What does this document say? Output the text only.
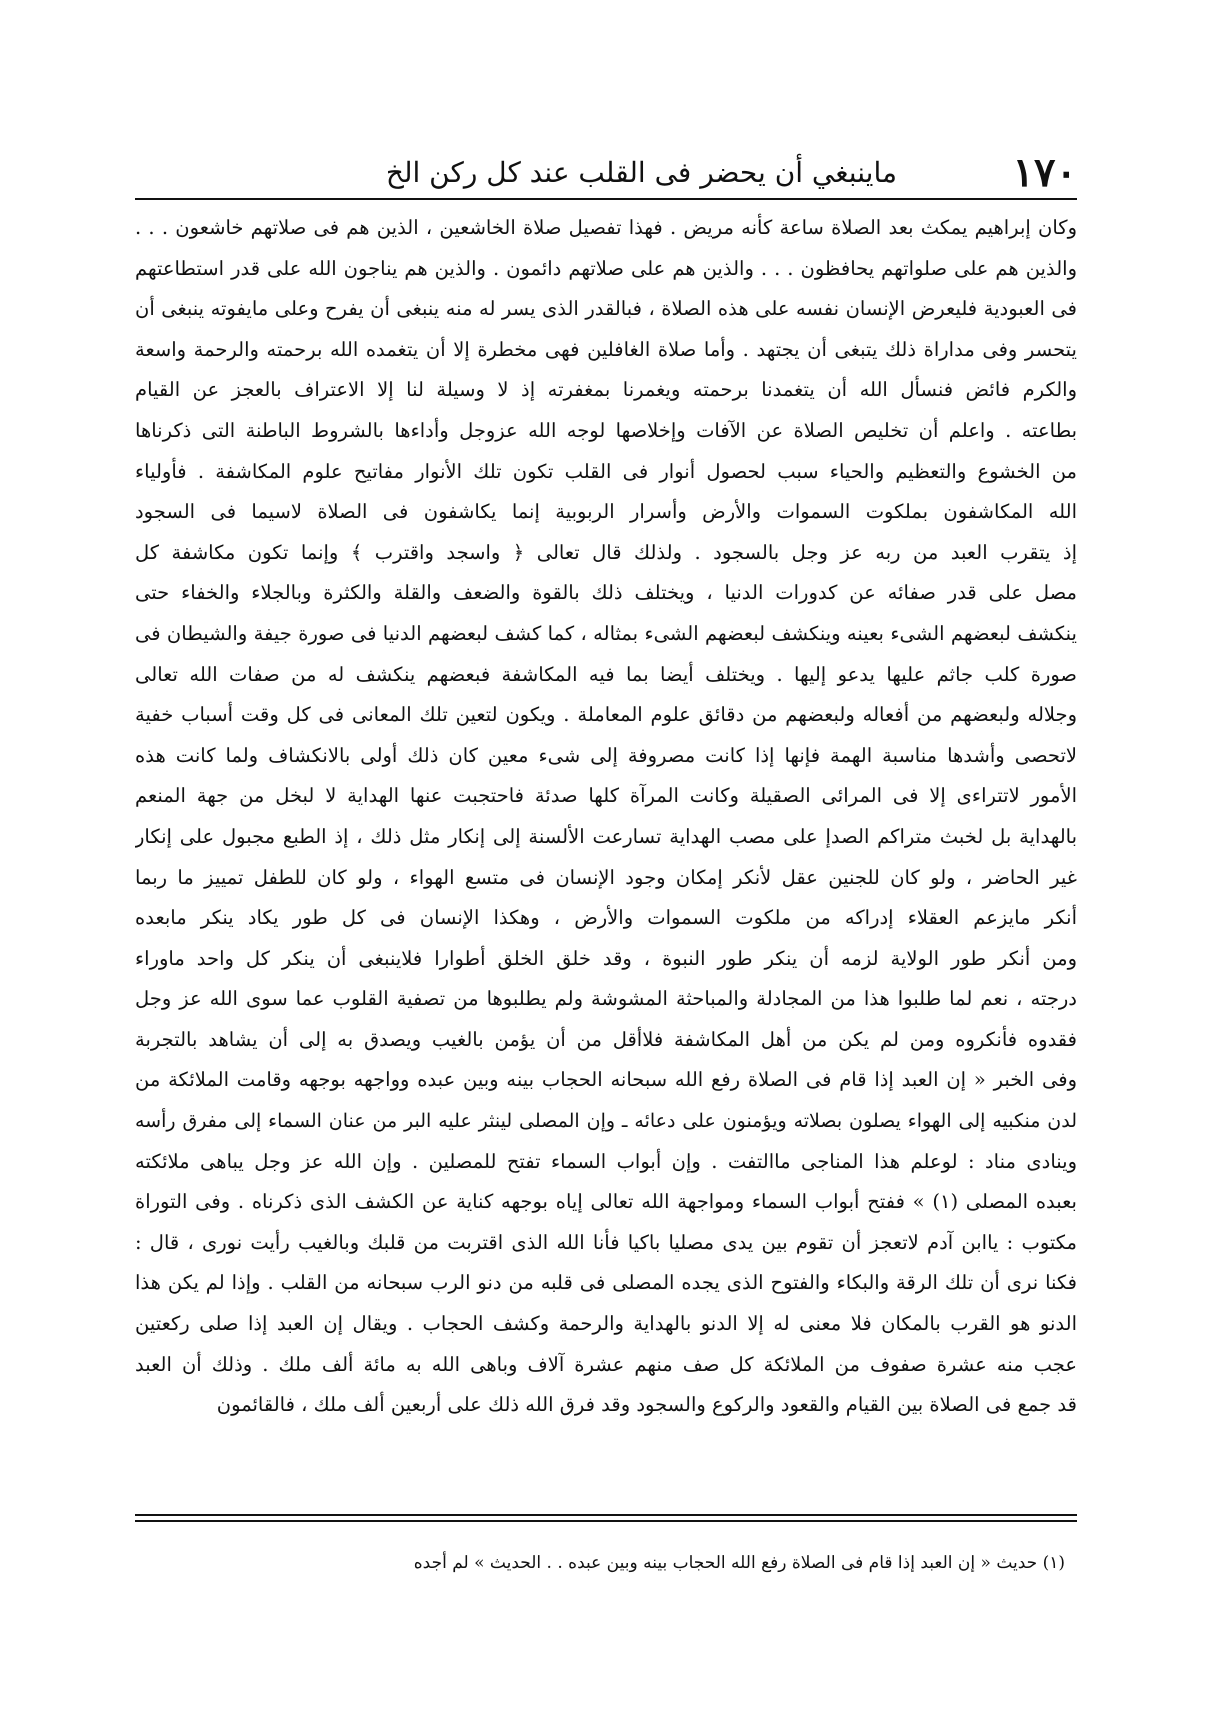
١٧٠
ماينبغي أن يحضر فى القلب عند كل ركن الخ
وكان إبراهيم يمكث بعد الصلاة ساعة كأنه مريض . فهذا تفصيل صلاة الخاشعين ، الذين هم فى صلاتهم خاشعون . . .
والذين هم على صلواتهم يحافظون . . . والذين هم على صلاتهم دائمون . والذين هم يناجون الله على قدر استطاعتهم
فى العبودية فليعرض الإنسان نفسه على هذه الصلاة ، فبالقدر الذى يسر له منه ينبغى أن يفرح وعلى مايفوته ينبغى أن
يتحسر وفى مداراة ذلك يتبغى أن يجتهد . وأما صلاة الغافلين فهى مخطرة إلا أن يتغمده الله برحمته والرحمة واسعة
والكرم فائض فنسأل الله أن يتغمدنا برحمته ويغمرنا بمغفرته إذ لا وسيلة لنا إلا الاعتراف بالعجز عن القيام
بطاعته . واعلم أن تخليص الصلاة عن الآفات وإخلاصها لوجه الله عزوجل وأداءها بالشروط الباطنة التى ذكرناها
من الخشوع والتعظيم والحياء سبب لحصول أنوار فى القلب تكون تلك الأنوار مفاتيح علوم المكاشفة . فأولياء
الله المكاشفون بملكوت السموات والأرض وأسرار الربوبية إنما يكاشفون فى الصلاة لاسيما فى السجود
إذ يتقرب العبد من ربه عز وجل بالسجود . ولذلك قال تعالى ﴿ واسجد واقترب ﴾ وإنما تكون مكاشفة كل
مصل على قدر صفائه عن كدورات الدنيا ، ويختلف ذلك بالقوة والضعف والقلة والكثرة وبالجلاء والخفاء حتى
ينكشف لبعضهم الشىء بعينه وينكشف لبعضهم الشىء بمثاله ، كما كشف لبعضهم الدنيا فى صورة جيفة والشيطان فى
صورة كلب جاثم عليها يدعو إليها . ويختلف أيضا بما فيه المكاشفة فبعضهم ينكشف له من صفات الله تعالى
وجلاله ولبعضهم من أفعاله ولبعضهم من دقائق علوم المعاملة . ويكون لتعين تلك المعانى فى كل وقت أسباب خفية
لاتحصى وأشدها مناسبة الهمة فإنها إذا كانت مصروفة إلى شىء معين كان ذلك أولى بالانكشاف ولما كانت هذه
الأمور لاتتراءى إلا فى المرائى الصقيلة وكانت المرآة كلها صدئة فاحتجبت عنها الهداية لا لبخل من جهة المنعم
بالهداية بل لخبث متراكم الصدإ على مصب الهداية تسارعت الألسنة إلى إنكار مثل ذلك ، إذ الطبع مجبول على إنكار
غير الحاضر ، ولو كان للجنين عقل لأنكر إمكان وجود الإنسان فى متسع الهواء ، ولو كان للطفل تمييز ما ربما
أنكر مايزعم العقلاء إدراكه من ملكوت السموات والأرض ، وهكذا الإنسان فى كل طور يكاد ينكر مابعده
ومن أنكر طور الولاية لزمه أن ينكر طور النبوة ، وقد خلق الخلق أطوارا فلاينبغى أن ينكر كل واحد ماوراء
درجته ، نعم لما طلبوا هذا من المجادلة والمباحثة المشوشة ولم يطلبوها من تصفية القلوب عما سوى الله عز وجل
فقدوه فأنكروه ومن لم يكن من أهل المكاشفة فلاأقل من أن يؤمن بالغيب ويصدق به إلى أن يشاهد بالتجربة
وفى الخبر « إن العبد إذا قام فى الصلاة رفع الله سبحانه الحجاب بينه وبين عبده وواجهه بوجهه وقامت الملائكة من
لدن منكبيه إلى الهواء يصلون بصلاته ويؤمنون على دعائه ـ وإن المصلى لينثر عليه البر من عنان السماء إلى مفرق رأسه
وينادى مناد : لوعلم هذا المناجى ماالتفت . وإن أبواب السماء تفتح للمصلين . وإن الله عز وجل يباهى ملائكته
بعبده المصلى (١) » ففتح أبواب السماء ومواجهة الله تعالى إياه بوجهه كناية عن الكشف الذى ذكرناه . وفى التوراة
مكتوب : ياابن آدم لاتعجز أن تقوم بين يدى مصليا باكيا فأنا الله الذى اقتربت من قلبك وبالغيب رأيت نورى ، قال :
فكنا نرى أن تلك الرقة والبكاء والفتوح الذى يجده المصلى فى قلبه من دنو الرب سبحانه من القلب . وإذا لم يكن هذا
الدنو هو القرب بالمكان فلا معنى له إلا الدنو بالهداية والرحمة وكشف الحجاب . ويقال إن العبد إذا صلى ركعتين
عجب منه عشرة صفوف من الملائكة كل صف منهم عشرة آلاف وباهى الله به مائة ألف ملك . وذلك أن العبد
قد جمع فى الصلاة بين القيام والقعود والركوع والسجود وقد فرق الله ذلك على أربعين ألف ملك ، فالقائمون
(١) حديث « إن العبد إذا قام فى الصلاة رفع الله الحجاب بينه وبين عبده . . الحديث » لم أجده
